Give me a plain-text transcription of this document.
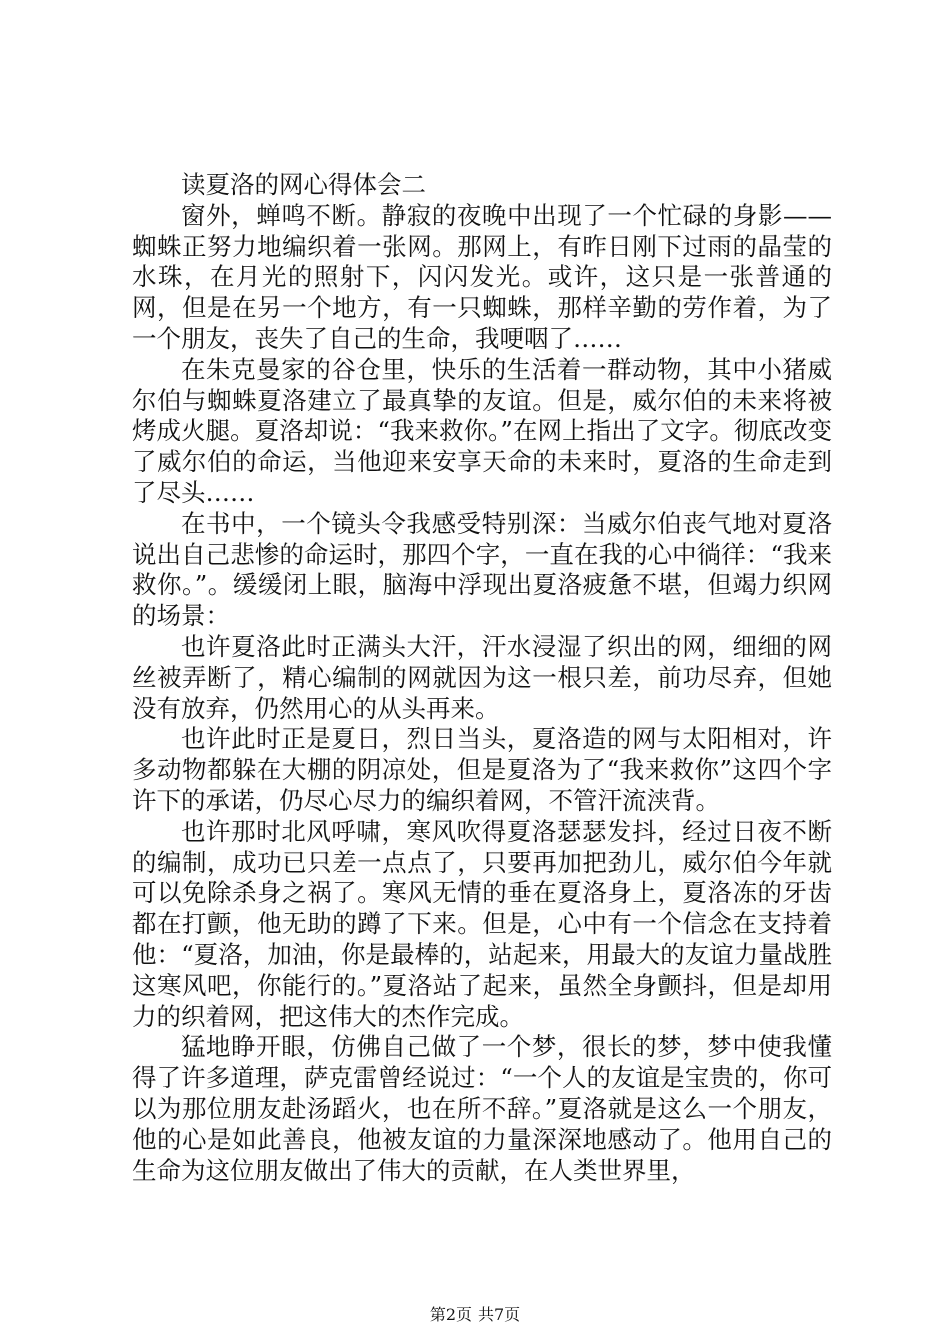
读夏洛的网心得体会二

窗外，蝉鸣不断。静寂的夜晚中出现了一个忙碌的身影——蜘蛛正努力地编织着一张网。那网上，有昨日刚下过雨的晶莹的水珠，在月光的照射下，闪闪发光。或许，这只是一张普通的网，但是在另一个地方，有一只蜘蛛，那样辛勤的劳作着，为了一个朋友，丧失了自己的生命，我哽咽了……

在朱克曼家的谷仓里，快乐的生活着一群动物，其中小猪威尔伯与蜘蛛夏洛建立了最真挚的友谊。但是，威尔伯的未来将被烤成火腿。夏洛却说：“我来救你。”在网上指出了文字。彻底改变了威尔伯的命运，当他迎来安享天命的未来时，夏洛的生命走到了尽头……

在书中，一个镜头令我感受特别深：当威尔伯丧气地对夏洛说出自己悲惨的命运时，那四个字，一直在我的心中徜徉：“我来救你。”。缓缓闭上眼，脑海中浮现出夏洛疲惫不堪，但竭力织网的场景：

也许夏洛此时正满头大汗，汗水浸湿了织出的网，细细的网丝被弄断了，精心编制的网就因为这一根只差，前功尽弃，但她没有放弃，仍然用心的从头再来。

也许此时正是夏日，烈日当头，夏洛造的网与太阳相对，许多动物都躲在大棚的阴凉处，但是夏洛为了“我来救你”这四个字许下的承诺，仍尽心尽力的编织着网，不管汗流浃背。

也许那时北风呼啸，寒风吹得夏洛瑟瑟发抖，经过日夜不断的编制，成功已只差一点点了，只要再加把劲儿，威尔伯今年就可以免除杀身之祸了。寒风无情的垂在夏洛身上，夏洛冻的牙齿都在打颤，他无助的蹲了下来。但是，心中有一个信念在支持着他：“夏洛，加油，你是最棒的，站起来，用最大的友谊力量战胜这寒风吧，你能行的。”夏洛站了起来，虽然全身颤抖，但是却用力的织着网，把这伟大的杰作完成。

猛地睁开眼，仿佛自己做了一个梦，很长的梦，梦中使我懂得了许多道理，萨克雷曾经说过：“一个人的友谊是宝贵的，你可以为那位朋友赴汤蹈火，也在所不辞。”夏洛就是这么一个朋友，他的心是如此善良，他被友谊的力量深深地感动了。他用自己的生命为这位朋友做出了伟大的贡献，在人类世界里，

第2页 共7页
